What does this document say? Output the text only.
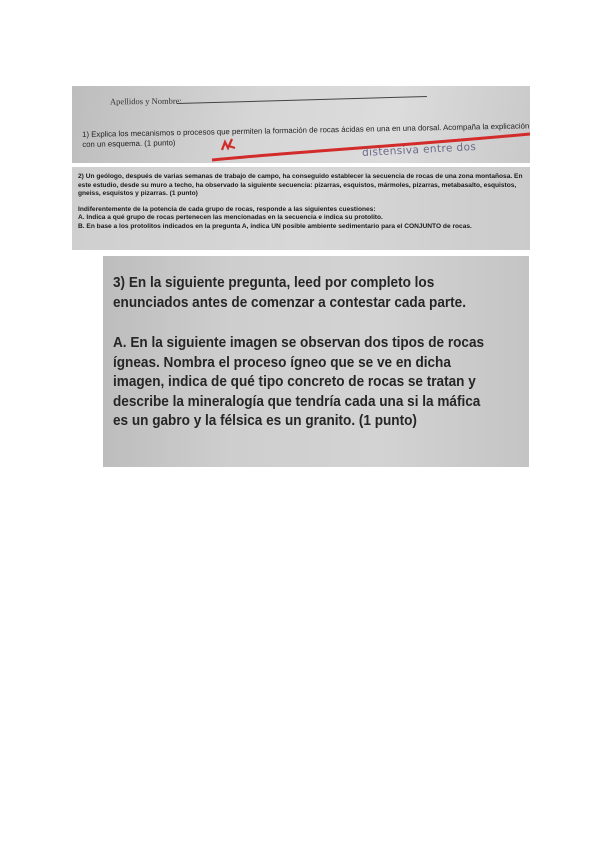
Apellidos y Nombre:
1) Explica los mecanismos o procesos que permiten la formación de rocas ácidas en una en una dorsal. Acompaña la explicación con un esquema. (1 punto)	distensiva entre dos

2) Un geólogo, después de varias semanas de trabajo de campo, ha conseguido establecer la secuencia de rocas de una zona montañosa. En este estudio, desde su muro a techo, ha observado la siguiente secuencia: pizarras, esquistos, mármoles, pizarras, metabasalto, esquistos, gneiss, esquistos y pizarras. (1 punto)

Indiferentemente de la potencia de cada grupo de rocas, responde a las siguientes cuestiones:

A. Indica a qué grupo de rocas pertenecen las mencionadas en la secuencia e indica su protolito.

B. En base a los protolitos indicados en la pregunta A, indica UN posible ambiente sedimentario para el CONJUNTO de rocas.

3) En la siguiente pregunta, leed por completo los enunciados antes de comenzar a contestar cada parte.

A. En la siguiente imagen se observan dos tipos de rocas ígneas. Nombra el proceso ígneo que se ve en dicha imagen, indica de qué tipo concreto de rocas se tratan y describe la mineralogía que tendría cada una si la máfica es un gabro y la félsica es un granito. (1 punto)
